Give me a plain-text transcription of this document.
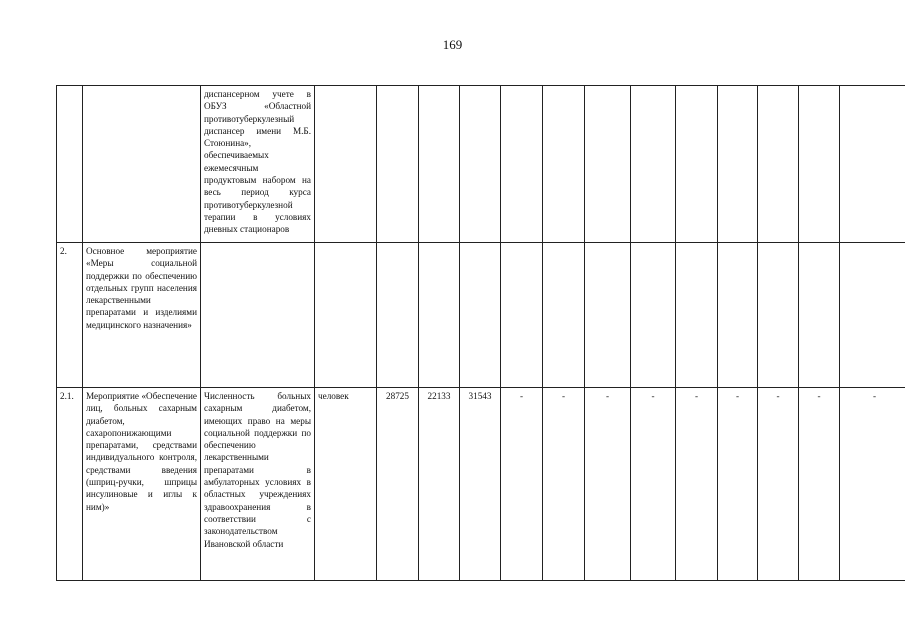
169
		диспансерном учете в ОБУЗ «Областной противотуберкулезный диспансер имени М.Б. Стоюнина», обеспечиваемых ежемесячным продуктовым набором на весь период курса противотуберкулезной терапии в условиях дневных стационаров													
2.	Основное мероприятие «Меры социальной поддержки по обеспечению отдельных групп населения лекарственными препаратами и изделиями медицинского назначения»														
2.1.	Мероприятие «Обеспечение лиц, больных сахарным диабетом, сахаропонижающими препаратами, средствами индивидуального контроля, средствами введения (шприц-ручки, шприцы инсулиновые и иглы к ним)»	Численность больных сахарным диабетом, имеющих право на меры социальной поддержки по обеспечению лекарственными препаратами в амбулаторных условиях в областных учреждениях здравоохранения в соответствии с законодательством Ивановской области	человек	28725	22133	31543	-	-	-	-	-	-	-	-	-
